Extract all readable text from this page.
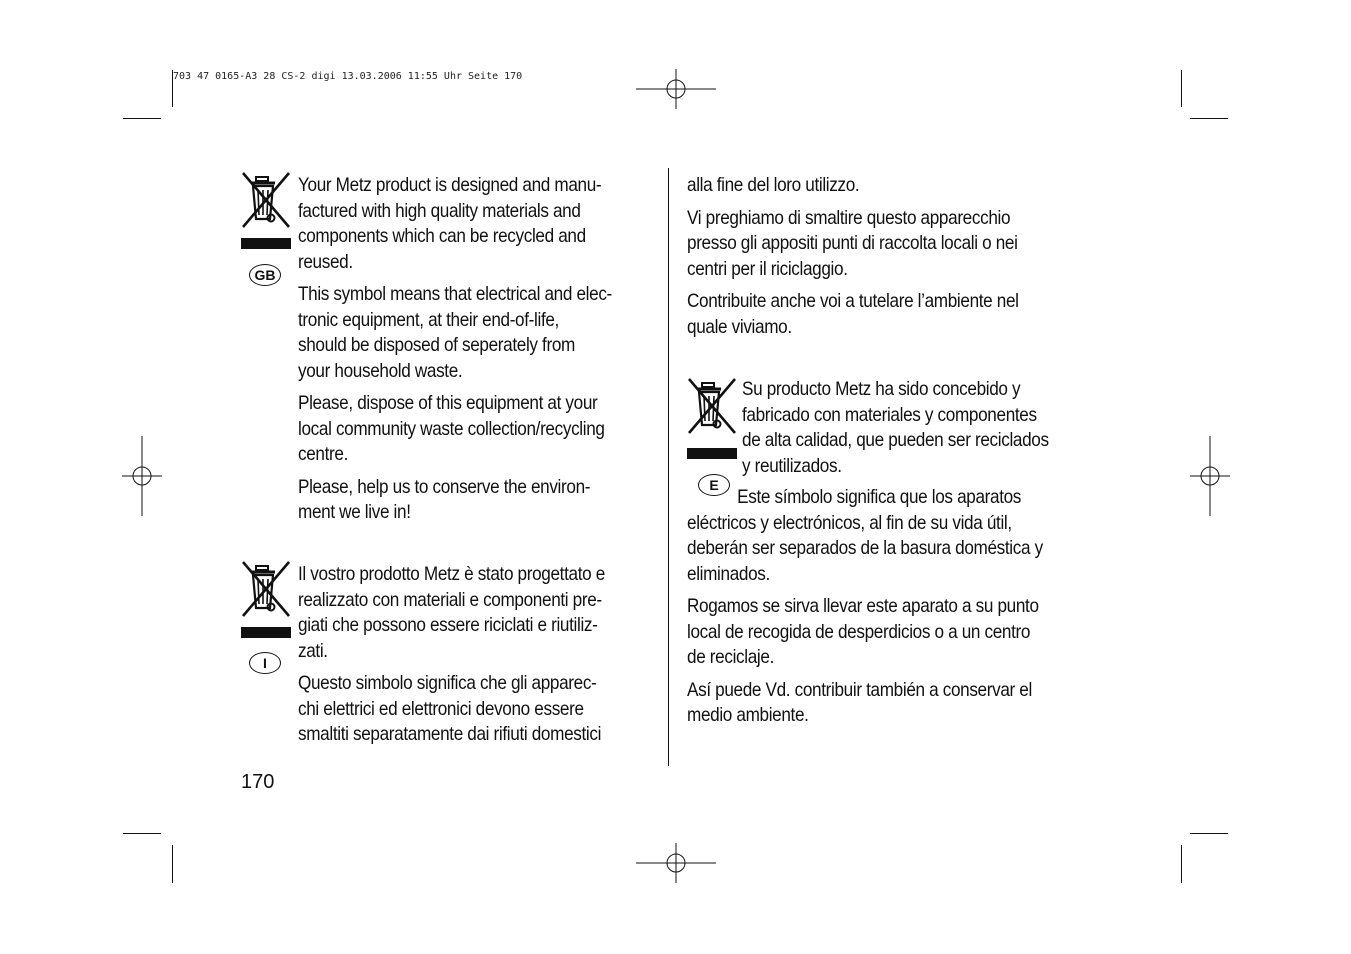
703 47 0165-A3 28 CS-2 digi 13.03.2006 11:55 Uhr Seite 170
GB

Your Metz product is designed and manu-
factured with high quality materials and
components which can be recycled and
reused.

This symbol means that electrical and elec-
tronic equipment, at their end-of-life,
should be disposed of seperately from
your household waste.

Please, dispose of this equipment at your
local community waste collection/recycling
centre.

Please, help us to conserve the environ-
ment we live in!

I

Il vostro prodotto Metz è stato progettato e
realizzato con materiali e componenti pre-
giati che possono essere riciclati e riutiliz-
zati.

Questo simbolo significa che gli apparec-
chi elettrici ed elettronici devono essere
smaltiti separatamente dai rifiuti domestici

alla fine del loro utilizzo.

Vi preghiamo di smaltire questo apparecchio
presso gli appositi punti di raccolta locali o nei
centri per il riciclaggio.

Contribuite anche voi a tutelare l’ambiente nel
quale viviamo.

E

Su producto Metz ha sido concebido y
fabricado con materiales y componentes
de alta calidad, que pueden ser reciclados
y reutilizados.

Este símbolo significa que los aparatos

eléctricos y electrónicos, al fin de su vida útil,
deberán ser separados de la basura doméstica y
eliminados.

Rogamos se sirva llevar este aparato a su punto
local de recogida de desperdicios o a un centro
de reciclaje.

Así puede Vd. contribuir también a conservar el
medio ambiente.

170
